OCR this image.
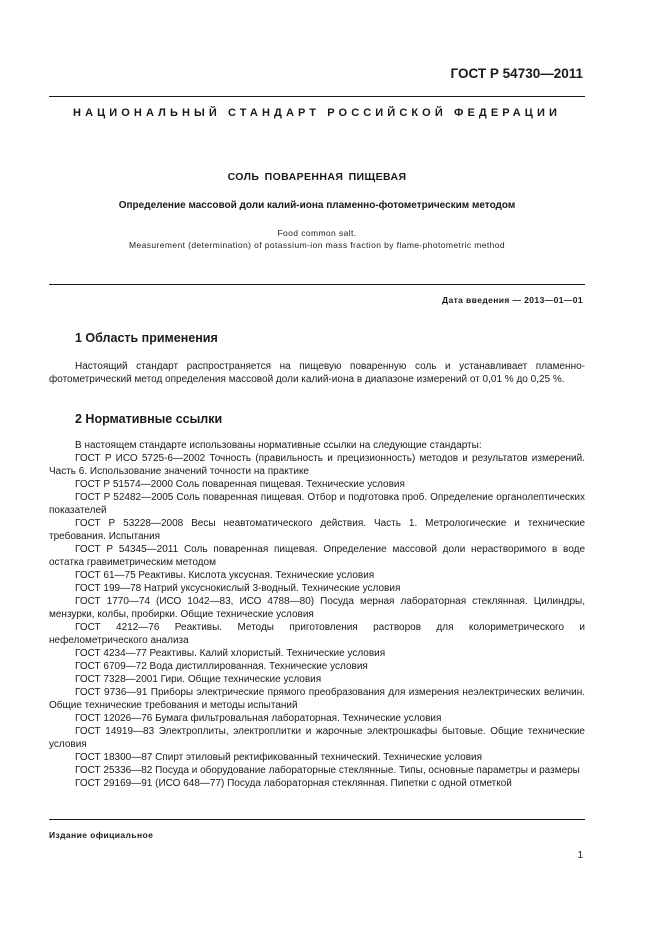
ГОСТ Р 54730—2011
НАЦИОНАЛЬНЫЙ СТАНДАРТ РОССИЙСКОЙ ФЕДЕРАЦИИ
СОЛЬ ПОВАРЕННАЯ ПИЩЕВАЯ
Определение массовой доли калий-иона пламенно-фотометрическим методом
Food common salt.
Measurement (determination) of potassium-ion mass fraction by flame-photometric method
Дата введения — 2013—01—01
1 Область применения

Настоящий стандарт распространяется на пищевую поваренную соль и устанавливает пламенно-фотометрический метод определения массовой доли калий-иона в диапазоне измерений от 0,01 % до 0,25 %.

2 Нормативные ссылки

В настоящем стандарте использованы нормативные ссылки на следующие стандарты:

ГОСТ Р ИСО 5725-6—2002 Точность (правильность и прецизионность) методов и результатов измерений. Часть 6. Использование значений точности на практике

ГОСТ Р 51574—2000 Соль поваренная пищевая. Технические условия

ГОСТ Р 52482—2005 Соль поваренная пищевая. Отбор и подготовка проб. Определение органолептических показателей

ГОСТ Р 53228—2008 Весы неавтоматического действия. Часть 1. Метрологические и технические требования. Испытания

ГОСТ Р 54345—2011 Соль поваренная пищевая. Определение массовой доли нерастворимого в воде остатка гравиметрическим методом

ГОСТ 61—75 Реактивы. Кислота уксусная. Технические условия

ГОСТ 199—78 Натрий уксуснокислый 3-водный. Технические условия

ГОСТ 1770—74 (ИСО 1042—83, ИСО 4788—80) Посуда мерная лабораторная стеклянная. Цилиндры, мензурки, колбы, пробирки. Общие технические условия

ГОСТ 4212—76 Реактивы. Методы приготовления растворов для колориметрического и нефелометрического анализа

ГОСТ 4234—77 Реактивы. Калий хлористый. Технические условия

ГОСТ 6709—72 Вода дистиллированная. Технические условия

ГОСТ 7328—2001 Гири. Общие технические условия

ГОСТ 9736—91 Приборы электрические прямого преобразования для измерения неэлектрических величин. Общие технические требования и методы испытаний

ГОСТ 12026—76 Бумага фильтровальная лабораторная. Технические условия

ГОСТ 14919—83 Электроплиты, электроплитки и жарочные электрошкафы бытовые. Общие технические условия

ГОСТ 18300—87 Спирт этиловый ректификованный технический. Технические условия

ГОСТ 25336—82 Посуда и оборудование лабораторные стеклянные. Типы, основные параметры и размеры

ГОСТ 29169—91 (ИСО 648—77) Посуда лабораторная стеклянная. Пипетки с одной отметкой

Издание официальное
1
